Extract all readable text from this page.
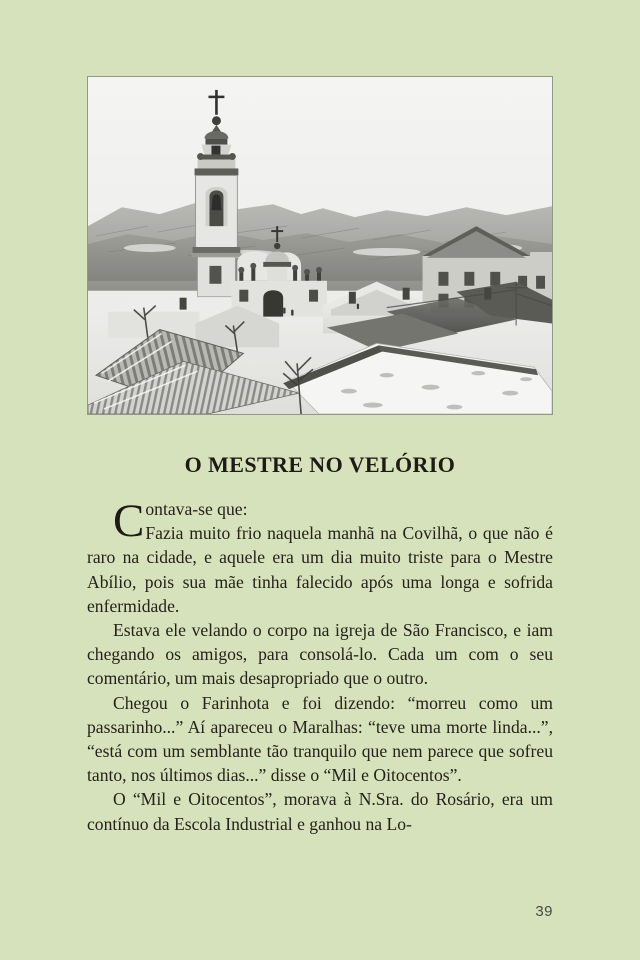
O MESTRE NO VELÓRIO

C ontava-se que:
Fazia muito frio naquela manhã na Covilhã, o que não é raro na cidade, e aquele era um dia muito triste para o Mestre Abílio, pois sua mãe tinha falecido após uma longa e sofrida enfermidade.

Estava ele velando o corpo na igreja de São Francisco, e iam chegando os amigos, para consolá-lo. Cada um com o seu comentário, um mais desapropriado que o outro.

Chegou o Farinhota e foi dizendo: “morreu como um passarinho...” Aí apareceu o Maralhas: “teve uma morte linda...”, “está com um semblante tão tranquilo que nem parece que sofreu tanto, nos últimos dias...” disse o “Mil e Oitocentos”.

O “Mil e Oitocentos”, morava à N.Sra. do Rosário, era um contínuo da Escola Industrial e ganhou na Lo-

39
